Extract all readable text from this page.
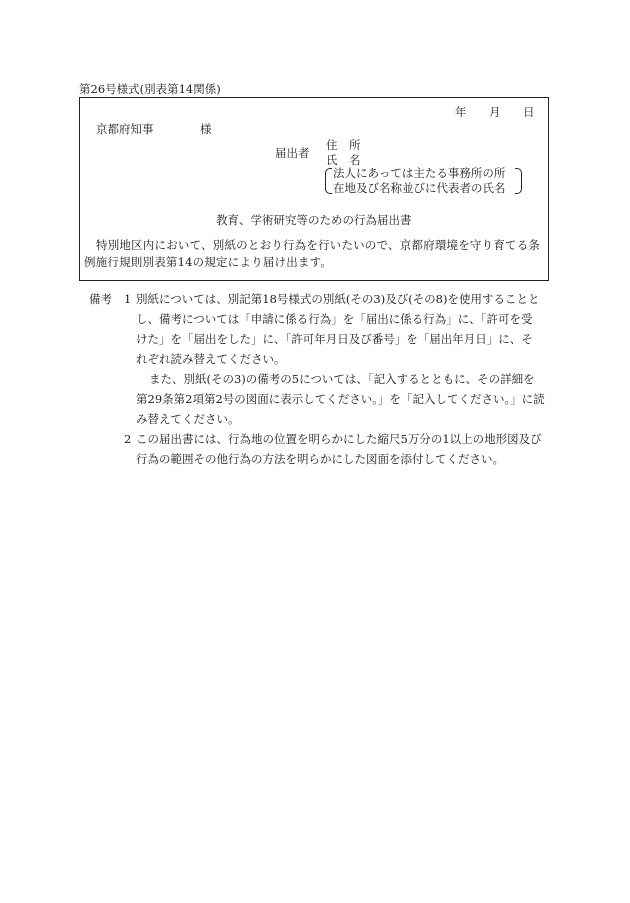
第26号様式(別表第14関係)
年 月 日
京都府知事	様
届出者
住　所
氏　名
法人にあっては主たる事務所の所
在地及び名称並びに代表者の氏名
教育、学術研究等のための行為届出書
特別地区内において、別紙のとおり行為を行いたいので、京都府環境を守り育てる条
例施行規則別表第14の規定により届け出ます。
備考 1 別紙については、別記第18号様式の別紙(その3)及び(その8)を使用することと
し、備考については「申請に係る行為」を「届出に係る行為」に、「許可を受
けた」を「届出をした」に、「許可年月日及び番号」を「届出年月日」に、そ
れぞれ読み替えてください。
また、別紙(その3)の備考の5については、「記入するとともに、その詳細を
第29条第2項第2号の図面に表示してください。」を「記入してください。」に読
み替えてください。
2 この届出書には、行為地の位置を明らかにした縮尺5万分の1以上の地形図及び
行為の範囲その他行為の方法を明らかにした図面を添付してください。
